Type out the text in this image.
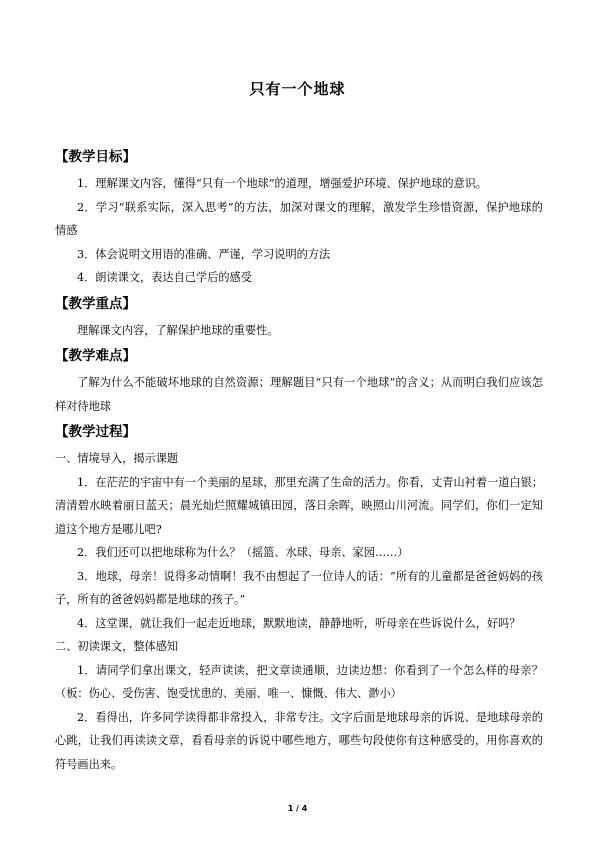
只有一个地球
【教学目标】
1．理解课文内容，懂得“只有一个地球”的道理，增强爱护环境、保护地球的意识。
2．学习“联系实际，深入思考”的方法，加深对课文的理解，激发学生珍惜资源，保护地球的情感
3．体会说明文用语的准确、严谨，学习说明的方法
4．朗读课文，表达自己学后的感受
【教学重点】
理解课文内容，了解保护地球的重要性。
【教学难点】
了解为什么不能破坏地球的自然资源；理解题目“只有一个地球”的含义；从而明白我们应该怎样对待地球
【教学过程】
一、情境导入，揭示课题
1．在茫茫的宇宙中有一个美丽的星球，那里充满了生命的活力。你看，丈青山衬着一道白银；清清碧水映着丽日蓝天；晨光灿烂照耀城镇田园，落日余晖，映照山川河流。同学们，你们一定知道这个地方是哪儿吧?
2．我们还可以把地球称为什么？（摇篮、水球、母亲、家园……）
3．地球，母亲！说得多动情啊！我不由想起了一位诗人的话：“所有的儿童都是爸爸妈妈的孩子，所有的爸爸妈妈都是地球的孩子。”
4．这堂课，就让我们一起走近地球，默默地读，静静地听，听母亲在些诉说什么，好吗？
二、初读课文，整体感知
1．请同学们拿出课文，轻声读读，把文章读通顺，边读边想：你看到了一个怎么样的母亲？（板：伤心、受伤害、饱受忧患的、美丽、唯一、慷慨、伟大、渺小）
2．看得出，许多同学读得都非常投入，非常专注。文字后面是地球母亲的诉说、是地球母亲的心跳，让我们再读读文章，看看母亲的诉说中哪些地方，哪些句段使你有这种感受的，用你喜欢的符号画出来。
1 / 4
